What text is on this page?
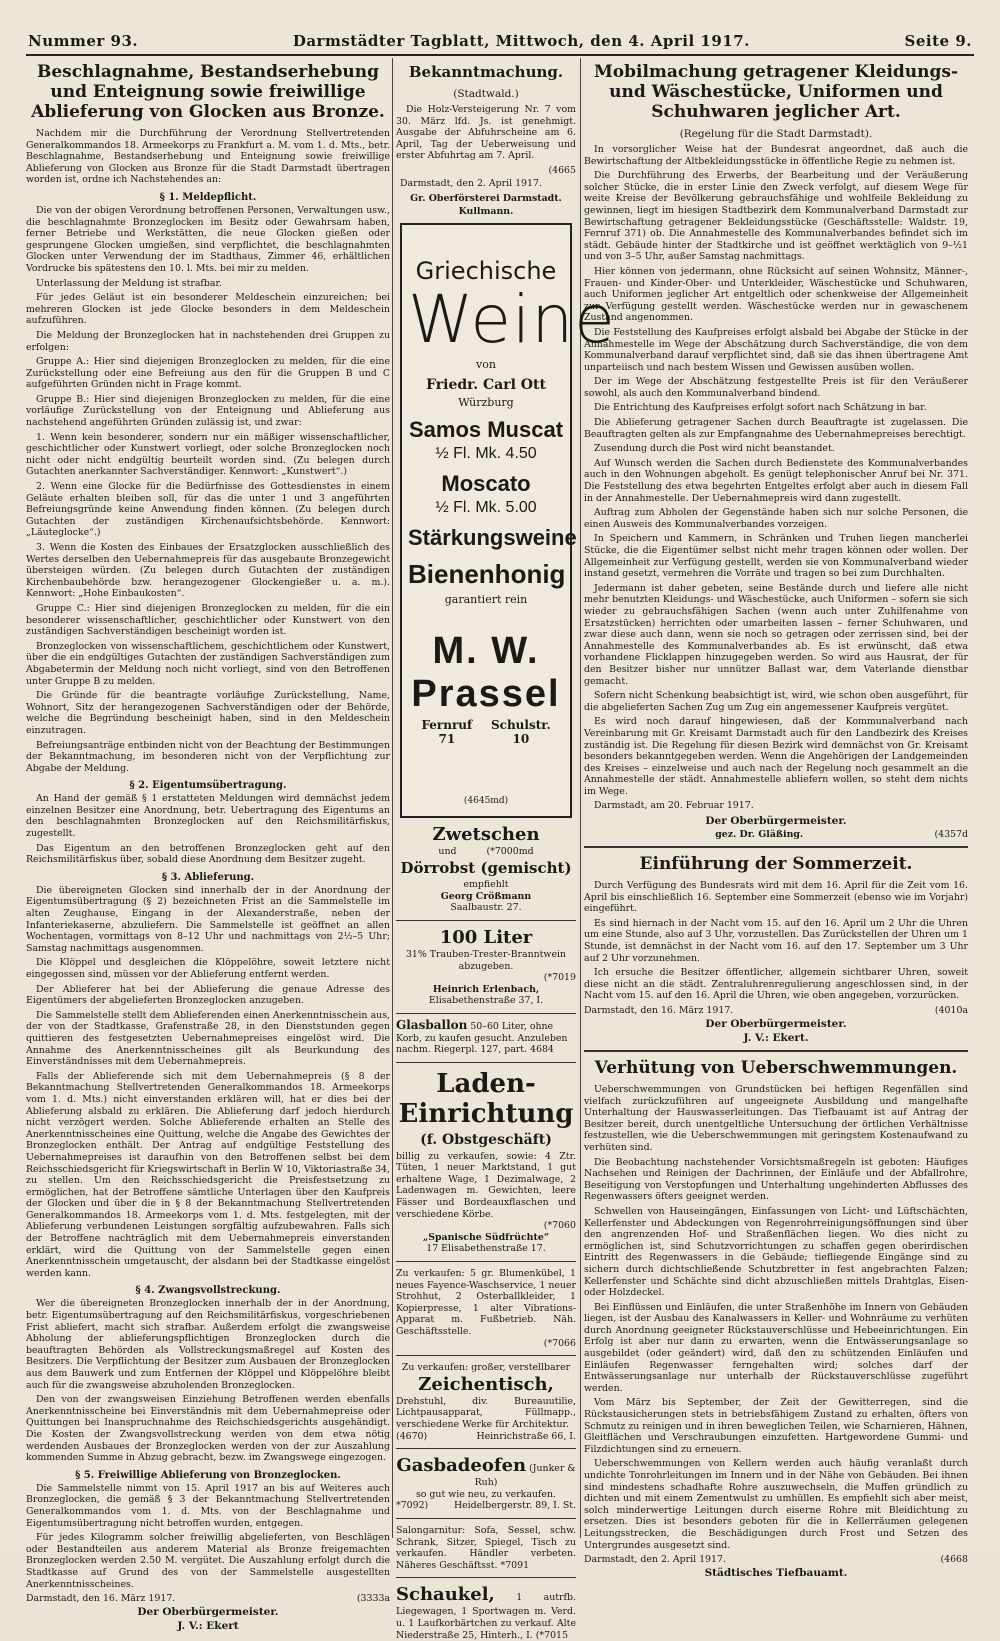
Nummer 93.	Darmstädter Tagblatt, Mittwoch, den 4. April 1917.	Seite 9.
Beschlagnahme, Bestandserhebung und Enteignung sowie freiwillige Ablieferung von Glocken aus Bronze.

Nachdem mir die Durchführung der Verordnung Stellvertretenden Generalkommandos 18. Armeekorps zu Frankfurt a. M. vom 1. d. Mts., betr. Beschlagnahme, Bestandserhebung und Enteignung sowie freiwillige Ablieferung von Glocken aus Bronze für die Stadt Darmstadt übertragen worden ist, ordne ich Nachstehendes an:

§ 1. Meldepflicht.

Die von der obigen Verordnung betroffenen Personen, Verwaltungen usw., die beschlagnahmte Bronzeglocken im Besitz oder Gewahrsam haben, ferner Betriebe und Werkstätten, die neue Glocken gießen oder gesprungene Glocken umgießen, sind verpflichtet, die beschlagnahmten Glocken unter Verwendung der im Stadthaus, Zimmer 46, erhältlichen Vordrucke bis spätestens den 10. l. Mts. bei mir zu melden.

Unterlassung der Meldung ist strafbar.

Für jedes Geläut ist ein besonderer Meldeschein einzureichen; bei mehreren Glocken ist jede Glocke besonders in dem Meldeschein aufzuführen.

Die Meldung der Bronzeglocken hat in nachstehenden drei Gruppen zu erfolgen:

Gruppe A.: Hier sind diejenigen Bronzeglocken zu melden, für die eine Zurückstellung oder eine Befreiung aus den für die Gruppen B und C aufgeführten Gründen nicht in Frage kommt.

Gruppe B.: Hier sind diejenigen Bronzeglocken zu melden, für die eine vorläufige Zurückstellung von der Enteignung und Ablieferung aus nachstehend angeführten Gründen zulässig ist, und zwar:

1. Wenn kein besonderer, sondern nur ein mäßiger wissenschaftlicher, geschichtlicher oder Kunstwert vorliegt, oder solche Bronzeglocken noch nicht oder nicht endgültig beurteilt worden sind. (Zu belegen durch Gutachten anerkannter Sachverständiger. Kennwort: „Kunstwert“.)

2. Wenn eine Glocke für die Bedürfnisse des Gottesdienstes in einem Geläute erhalten bleiben soll, für das die unter 1 und 3 angeführten Befreiungsgründe keine Anwendung finden können. (Zu belegen durch Gutachten der zuständigen Kirchenaufsichtsbehörde. Kennwort: „Läuteglocke“.)

3. Wenn die Kosten des Einbaues der Ersatzglocken ausschließlich des Wertes derselben den Uebernahmepreis für das ausgebaute Bronzegewicht übersteigen würden. (Zu belegen durch Gutachten der zuständigen Kirchenbaubehörde bzw. herangezogener Glockengießer u. a. m.). Kennwort: „Hohe Einbaukosten“.

Gruppe C.: Hier sind diejenigen Bronzeglocken zu melden, für die ein besonderer wissenschaftlicher, geschichtlicher oder Kunstwert von den zuständigen Sachverständigen bescheinigt worden ist.

Bronzeglocken von wissenschaftlichem, geschichtlichem oder Kunstwert, über die ein endgültiges Gutachten der zuständigen Sachverständigen zum Abgabetermin der Meldung noch nicht vorliegt, sind von den Betroffenen unter Gruppe B zu melden.

Die Gründe für die beantragte vorläufige Zurückstellung, Name, Wohnort, Sitz der herangezogenen Sachverständigen oder der Behörde, welche die Begründung bescheinigt haben, sind in den Meldeschein einzutragen.

Befreiungsanträge entbinden nicht von der Beachtung der Bestimmungen der Bekanntmachung, im besonderen nicht von der Verpflichtung zur Abgabe der Meldung.

§ 2. Eigentumsübertragung.

An Hand der gemäß § 1 erstatteten Meldungen wird demnächst jedem einzelnen Besitzer eine Anordnung, betr. Uebertragung des Eigentums an den beschlagnahmten Bronzeglocken auf den Reichsmilitärfiskus, zugestellt.

Das Eigentum an den betroffenen Bronzeglocken geht auf den Reichsmilitärfiskus über, sobald diese Anordnung dem Besitzer zugeht.

§ 3. Ablieferung.

Die übereigneten Glocken sind innerhalb der in der Anordnung der Eigentumsübertragung (§ 2) bezeichneten Frist an die Sammelstelle im alten Zeughause, Eingang in der Alexanderstraße, neben der Infanteriekaserne, abzuliefern. Die Sammelstelle ist geöffnet an allen Wochentagen, vormittags von 8–12 Uhr und nachmittags von 2½–5 Uhr; Samstag nachmittags ausgenommen.

Die Klöppel und desgleichen die Klöppelöhre, soweit letztere nicht eingegossen sind, müssen vor der Ablieferung entfernt werden.

Der Ablieferer hat bei der Ablieferung die genaue Adresse des Eigentümers der abgelieferten Bronzeglocken anzugeben.

Die Sammelstelle stellt dem Ablieferenden einen Anerkenntnisschein aus, der von der Stadtkasse, Grafenstraße 28, in den Dienststunden gegen quittieren des festgesetzten Uebernahmepreises eingelöst wird. Die Annahme des Anerkenntnisscheines gilt als Beurkundung des Einverständnisses mit dem Uebernahmepreis.

Falls der Ablieferende sich mit dem Uebernahmepreis (§ 8 der Bekanntmachung Stellvertretenden Generalkommandos 18. Armeekorps vom 1. d. Mts.) nicht einverstanden erklären will, hat er dies bei der Ablieferung alsbald zu erklären. Die Ablieferung darf jedoch hierdurch nicht verzögert werden. Solche Ablieferende erhalten an Stelle des Anerkenntnisscheines eine Quittung, welche die Angabe des Gewichtes der Bronzeglocken enthält. Der Antrag auf endgültige Feststellung des Uebernahmepreises ist daraufhin von den Betroffenen selbst bei dem Reichsschiedsgericht für Kriegswirtschaft in Berlin W 10, Viktoriastraße 34, zu stellen. Um den Reichsschiedsgericht die Preisfestsetzung zu ermöglichen, hat der Betroffene sämtliche Unterlagen über den Kaufpreis der Glocken und über die in § 8 der Bekanntmachung Stellvertretenden Generalkommandos 18. Armeekorps vom 1. d. Mts. festgelegten, mit der Ablieferung verbundenen Leistungen sorgfältig aufzubewahren. Falls sich der Betroffene nachträglich mit dem Uebernahmepreis einverstanden erklärt, wird die Quittung von der Sammelstelle gegen einen Anerkenntnisschein umgetauscht, der alsdann bei der Stadtkasse eingelöst werden kann.

§ 4. Zwangsvollstreckung.

Wer die übereigneten Bronzeglocken innerhalb der in der Anordnung, betr. Eigentumsübertragung auf den Reichsmilitärfiskus, vorgeschriebenen Frist abliefert, macht sich strafbar. Außerdem erfolgt die zwangsweise Abholung der ablieferungspflichtigen Bronzeglocken durch die beauftragten Behörden als Vollstreckungsmaßregel auf Kosten des Besitzers. Die Verpflichtung der Besitzer zum Ausbauen der Bronzeglocken aus dem Bauwerk und zum Entfernen der Klöppel und Klöppelöhre bleibt auch für die zwangsweise abzuholenden Bronzeglocken.

Den von der zwangsweisen Einziehung Betroffenen werden ebenfalls Anerkenntnisscheine bei Einverständnis mit dem Uebernahmepreise oder Quittungen bei Inanspruchnahme des Reichschiedsgerichts ausgehändigt. Die Kosten der Zwangsvollstreckung werden von dem etwa nötig werdenden Ausbaues der Bronzeglocken werden von der zur Auszahlung kommenden Summe in Abzug gebracht, bezw. im Zwangswege eingezogen.

§ 5. Freiwillige Ablieferung von Bronzeglocken.

Die Sammelstelle nimmt von 15. April 1917 an bis auf Weiteres auch Bronzeglocken, die gemäß § 3 der Bekanntmachung Stellvertretenden Generalkommandos vom 1. d. Mts. von der Beschlagnahme und Eigentumsübertragung nicht betroffen wurden, entgegen.

Für jedes Kilogramm solcher freiwillig abgelieferten, von Beschlägen oder Bestandteilen aus anderem Material als Bronze freigemachten Bronzeglocken werden 2.50 M. vergütet. Die Auszahlung erfolgt durch die Stadtkasse auf Grund des von der Sammelstelle ausgestellten Anerkenntnisscheines.

Darmstadt, den 16. März 1917.	(3333a
Der Oberbürgermeister.
J. V.: Ekert
Bekanntmachung.
(Stadtwald.)

Die Holz-Versteigerung Nr. 7 vom 30. März lfd. Js. ist genehmigt. Ausgabe der Abfuhrscheine am 6. April, Tag der Ueberweisung und erster Abfuhrtag am 7. April.

(4665

Darmstadt, den 2. April 1917.

Gr. Oberförsterei Darmstadt.
Kullmann.
Griechische
Weine
von
Friedr. Carl Ott
Würzburg
Samos Muscat
½ Fl. Mk. 4.50
Moscato
½ Fl. Mk. 5.00
Stärkungsweine
Bienenhonig
garantiert rein
M. W. Prassel
Fernruf 71
Schulstr. 10
(4645md)
Zwetschen
und	(*7000md
Dörrobst (gemischt)
empfiehlt
Georg Crößmann
Saalbaustr. 27.
100 Liter
31% Trauben-Trester-Branntwein abzugeben.
(*7019
Heinrich Erlenbach,
Elisabethenstraße 37, I.
Glasballon 50–60 Liter, ohne Korb, zu kaufen gesucht. Anzuleben nachm. Riegerpl. 127, part. 4684
Laden-
Einrichtung
(f. Obstgeschäft)
billig zu verkaufen, sowie: 4 Ztr. Tüten, 1 neuer Marktstand, 1 gut erhaltene Wage, 1 Dezimalwage, 2 Ladenwagen m. Gewichten, leere Fässer und Bordeauxflaschen und verschiedene Körbe.
(*7060
„Spanische Südfrüchte“
17 Elisabethenstraße 17.
Zu verkaufen: 5 gr. Blumenkübel, 1 neues Fayence-Waschservice, 1 neuer Strohhut, 2 Osterballkleider, 1 Kopierpresse, 1 alter Vibrations-Apparat m. Fußbetrieb. Näh. Geschäftsstelle.
(*7066
Zu verkaufen: großer, verstellbarer
Zeichentisch,
Drehstuhl, div. Bureauutilie, Lichtpausapparat, Füllmapp., verschiedene Werke für Architektur.
(4670)	Heinrichstraße 66, I.
Gasbadeofen (Junker & Ruh)
so gut wie neu, zu verkaufen.
*7092)	Heidelbergerstr. 89, I. St.
Salongarnitur: Sofa, Sessel, schw. Schrank, Sitzer, Spiegel, Tisch zu verkaufen. Händler verbeten. Näheres Geschäftsst. *7091
Schaukel, 1 autrfb. Liegewagen, 1 Sportwagen m. Verd. u. 1 Laufkorbärtchen zu verkauf. Alte Niederstraße 25, Hinterh., I. (*7015
Mobilmachung getragener Kleidungs- und Wäschestücke, Uniformen und Schuhwaren jeglicher Art.
(Regelung für die Stadt Darmstadt).

In vorsorglicher Weise hat der Bundesrat angeordnet, daß auch die Bewirtschaftung der Altbekleidungsstücke in öffentliche Regie zu nehmen ist.

Die Durchführung des Erwerbs, der Bearbeitung und der Veräußerung solcher Stücke, die in erster Linie den Zweck verfolgt, auf diesem Wege für weite Kreise der Bevölkerung gebrauchsfähige und wohlfeile Bekleidung zu gewinnen, liegt im hiesigen Stadtbezirk dem Kommunalverband Darmstadt zur Bewirtschaftung getragener Bekleidungsstücke (Geschäftsstelle: Waldstr. 19, Fernruf 371) ob. Die Annahmestelle des Kommunalverbandes befindet sich im städt. Gebäude hinter der Stadtkirche und ist geöffnet werktäglich von 9–½1 und von 3–5 Uhr, außer Samstag nachmittags.

Hier können von jedermann, ohne Rücksicht auf seinen Wohnsitz, Männer-, Frauen- und Kinder-Ober- und Unterkleider, Wäschestücke und Schuhwaren, auch Uniformen jeglicher Art entgeltlich oder schenkweise der Allgemeinheit zur Verfügung gestellt werden. Wäschestücke werden nur in gewaschenem Zustand angenommen.

Die Feststellung des Kaufpreises erfolgt alsbald bei Abgabe der Stücke in der Annahmestelle im Wege der Abschätzung durch Sachverständige, die von dem Kommunalverband darauf verpflichtet sind, daß sie das ihnen übertragene Amt unparteiisch und nach bestem Wissen und Gewissen ausüben wollen.

Der im Wege der Abschätzung festgestellte Preis ist für den Veräußerer sowohl, als auch den Kommunalverband bindend.

Die Entrichtung des Kaufpreises erfolgt sofort nach Schätzung in bar.

Die Ablieferung getragener Sachen durch Beauftragte ist zugelassen. Die Beauftragten gelten als zur Empfangnahme des Uebernahmepreises berechtigt.

Zusendung durch die Post wird nicht beanstandet.

Auf Wunsch werden die Sachen durch Bedienstete des Kommunalverbandes auch in den Wohnungen abgeholt. Es genügt telephonischer Anruf bei Nr. 371. Die Feststellung des etwa begehrten Entgeltes erfolgt aber auch in diesem Fall in der Annahmestelle. Der Uebernahmepreis wird dann zugestellt.

Auftrag zum Abholen der Gegenstände haben sich nur solche Personen, die einen Ausweis des Kommunalverbandes vorzeigen.

In Speichern und Kammern, in Schränken und Truhen liegen mancherlei Stücke, die die Eigentümer selbst nicht mehr tragen können oder wollen. Der Allgemeinheit zur Verfügung gestellt, werden sie von Kommunalverband wieder instand gesetzt, vermehren die Vorräte und tragen so bei zum Durchhalten.

Jedermann ist daher gebeten, seine Bestände durch und liefere alle nicht mehr benutzten Kleidungs- und Wäschestücke, auch Uniformen – sofern sie sich wieder zu gebrauchsfähigen Sachen (wenn auch unter Zuhilfenahme von Ersatzstücken) herrichten oder umarbeiten lassen – ferner Schuhwaren, und zwar diese auch dann, wenn sie noch so getragen oder zerrissen sind, bei der Annahmestelle des Kommunalverbandes ab. Es ist erwünscht, daß etwa vorhandene Flicklappen hinzugegeben werden. So wird aus Hausrat, der für den Besitzer bisher nur unnützer Ballast war, dem Vaterlande dienstbar gemacht.

Sofern nicht Schenkung beabsichtigt ist, wird, wie schon oben ausgeführt, für die abgelieferten Sachen Zug um Zug ein angemessener Kaufpreis vergütet.

Es wird noch darauf hingewiesen, daß der Kommunalverband nach Vereinbarung mit Gr. Kreisamt Darmstadt auch für den Landbezirk des Kreises zuständig ist. Die Regelung für diesen Bezirk wird demnächst von Gr. Kreisamt besonders bekanntgegeben werden. Wenn die Angehörigen der Landgemeinden des Kreises – einzelweise und auch nach der Regelung noch gesammelt an die Annahmestelle der städt. Annahmestelle abliefern wollen, so steht dem nichts im Wege.

Darmstadt, am 20. Februar 1917.

Der Oberbürgermeister.
gez. Dr. Gläßing.	(4357d
Einführung der Sommerzeit.

Durch Verfügung des Bundesrats wird mit dem 16. April für die Zeit vom 16. April bis einschließlich 16. September eine Sommerzeit (ebenso wie im Vorjahr) eingeführt.

Es sind hiernach in der Nacht vom 15. auf den 16. April um 2 Uhr die Uhren um eine Stunde, also auf 3 Uhr, vorzustellen. Das Zurückstellen der Uhren um 1 Stunde, ist demnächst in der Nacht vom 16. auf den 17. September um 3 Uhr auf 2 Uhr vorzunehmen.

Ich ersuche die Besitzer öffentlicher, allgemein sichtbarer Uhren, soweit diese nicht an die städt. Zentraluhrenregulierung angeschlossen sind, in der Nacht vom 15. auf den 16. April die Uhren, wie oben angegeben, vorzurücken.

Darmstadt, den 16. März 1917.	(4010a
Der Oberbürgermeister.
J. V.: Ekert.
Verhütung von Ueberschwemmungen.

Ueberschwemmungen von Grundstücken bei heftigen Regenfällen sind vielfach zurückzuführen auf ungeeignete Ausbildung und mangelhafte Unterhaltung der Hauswasserleitungen. Das Tiefbauamt ist auf Antrag der Besitzer bereit, durch unentgeltliche Untersuchung der örtlichen Verhältnisse festzustellen, wie die Ueberschwemmungen mit geringstem Kostenaufwand zu verhüten sind.

Die Beobachtung nachstehender Vorsichtsmaßregeln ist geboten: Häufiges Nachsehen und Reinigen der Dachrinnen, der Einläufe und der Abfallrohre, Beseitigung von Verstopfungen und Unterhaltung ungehinderten Abflusses des Regenwassers öfters geeignet werden.

Schwellen von Hauseingängen, Einfassungen von Licht- und Lüftschächten, Kellerfenster und Abdeckungen von Regenrohrreinigungsöffnungen sind über den angrenzenden Hof- und Straßenflächen liegen. Wo dies nicht zu ermöglichen ist, sind Schutzvorrichtungen zu schaffen gegen oberirdischen Eintritt des Regenwassers in die Gebäude; tiefliegende Eingänge sind zu sichern durch dichtschließende Schutzbretter in fest angebrachten Falzen; Kellerfenster und Schächte sind dicht abzuschließen mittels Drahtglas, Eisen- oder Holzdeckel.

Bei Einflüssen und Einläufen, die unter Straßenhöhe im Innern von Gebäuden liegen, ist der Ausbau des Kanalwassers in Keller- und Wohnräume zu verhüten durch Anordnung geeigneter Rückstauverschlüsse und Hebeeinrichtungen. Ein Erfolg ist aber nur dann zu erwarten, wenn die Entwässerungsanlage so ausgebildet (oder geändert) wird, daß den zu schützenden Einläufen und Einläufen Regenwasser ferngehalten wird; solches darf der Entwässerungsanlage nur unterhalb der Rückstauverschlüsse zugeführt werden.

Vom März bis September, der Zeit der Gewitterregen, sind die Rückstausicherungen stets in betriebsfähigem Zustand zu erhalten, öfters von Schmutz zu reinigen und in ihren beweglichen Teilen, wie Scharnieren, Hähnen, Gleitflächen und Verschraubungen einzufetten. Hartgewordene Gummi- und Filzdichtungen sind zu erneuern.

Ueberschwemmungen von Kellern werden auch häufig veranlaßt durch undichte Tonrohrleitungen im Innern und in der Nähe von Gebäuden. Bei ihnen sind mindestens schadhafte Rohre auszuwechseln, die Muffen gründlich zu dichten und mit einem Zementwulst zu umhüllen. Es empfiehlt sich aber meist, solch minderwertige Leitungen durch eiserne Rohre mit Bleidichtung zu ersetzen. Dies ist besonders geboten für die in Kellerräumen gelegenen Leitungsstrecken, die Beschädigungen durch Frost und Setzen des Untergrundes ausgesetzt sind.

Darmstadt, den 2. April 1917.	(4668
Städtisches Tiefbauamt.
